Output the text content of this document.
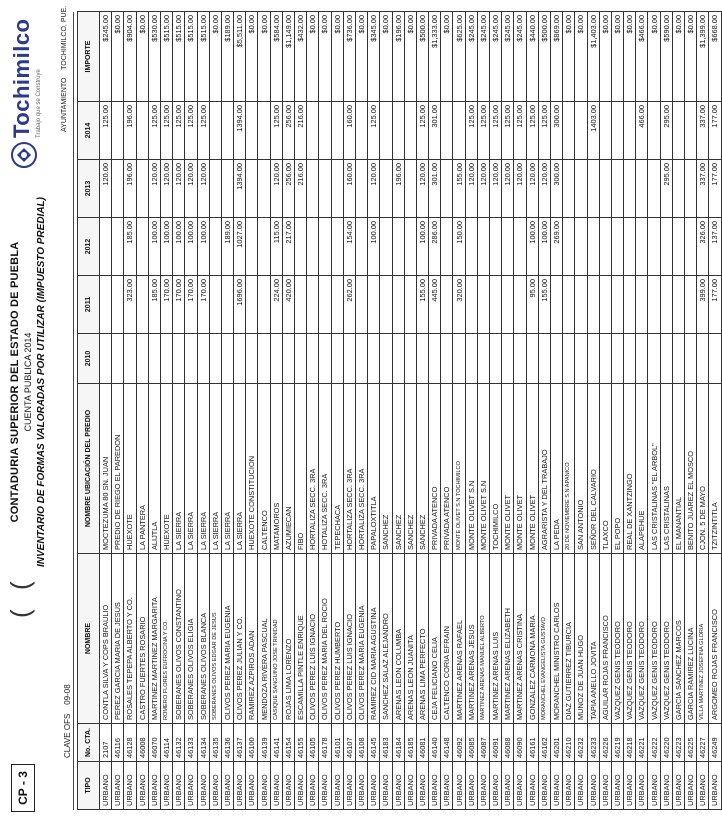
Tochimilco Trabajo que se Construye
(
CONTADURIA SUPERIOR DEL ESTADO DE PUEBLA CUENTA PUBLICA 2014 INVENTARIO DE FORMAS VALORADAS POR UTILIZAR (IMPUESTO PREDIAL)
(
CP - 3
AYUNTAMIENTO    TOCHIMILCO, PUE.
CLAVE OFS    09-08
TIPO	No. CTA.	NOMBRE	NOMBRE UBICACIÓN DEL PREDIO	2010	2011	2012	2013	2014	IMPORTE
URBANO	2107	CONTLA SILVA Y COPS BRAULIO	MOCTEZUMA 80 SN. JUAN				120.00	125.00	$245.00
URBANO	46116	PEREZ GARCIA MARIA DE JESUS	PREDIO DE RIEGO EL PAREDON						$0.00
URBANO	46128	ROSALES TEPEPA ALBERTO Y CO.	HUEXOTE		323.00	185.00	196.00	196.00	$904.00
URBANO	46008	CASTRO FUERTES ROSARIO	LA PANTERA						$0.00
URBANO	46070	MARTINEZ MARTINEZ MARGARITA	ALIJTLA		185.00	100.00	120.00	125.00	$530.00
URBANO	46114	ROMERO FLORES EUFROCINA Y CO.	HUEXOTE		170.00	100.00	120.00	125.00	$515.00
URBANO	46132	SOBERANES OLIVOS CONSTANTINO	LA SIERRA		170.00	100.00	120.00	125.00	$515.00
URBANO	46133	SOBERANES OLIVOS ELIGIA	LA SIERRA		170.00	100.00	120.00	125.00	$515.00
URBANO	46134	SOBERANES OLIVOS BLANCA	LA SIERRA		170.00	100.00	120.00	125.00	$515.00
URBANO	46135	SOBERANES OLIVOS EDGAR DE JESUS	LA SIERRA						$0.00
URBANO	46136	OLIVOS PEREZ MARIA EUGENIA	LA SIERRA			189.00			$189.00
URBANO	46137	OLIVOS PEREZ JULIAN Y CO.	LA SIERRA		1696.00	1027.00	1394.00	1394.00	$5,511.00
URBANO	46100	RAMIREZ AZPIROS ADAN	HUEXOTE CONSTITUCION						$0.00
URBANO	46139	MENDOZA RIVERA PASCUAL	CALTENCO						$0.00
URBANO	46141	CASIQUE SANGUINO JOSE TRINIDAD	MATAMOROS		224.00	115.00	120.00	125.00	$584.00
URBANO	46154	ROJAS LIMA LORENZO	AZUMIECAN		420.00	217.00	256.00	256.00	$1,149.00
URBANO	46155	ESCAMILLA PINTLE ENRIQUE	FIBO				216.00	216.00	$432.00
URBANO	46105	OLIVOS PEREZ LUIS IGNACIO	HORTALIZA SECC. 3RA						$0.00
URBANO	46178	OLIVOS PEREZ MARIA DEL ROCIO	HOTALIZA SECC. 3RA						$0.00
URBANO	46101	OLIVOS PEREZ HUMBERTO	TEPECHACA						$0.00
URBANO	46107	OLIVOS PEREZ LUIS IGNACIO	HORTALIZA SECC. 3RA		262.00	154.00	160.00	160.00	$736.00
URBANO	46108	OLIVOS PEREZ MARIA EUGENIA	HORTALIZA SECC. 3RA						$0.00
URBANO	46145	RAMIREZ CID MARIA AGUSTINA	PAPALOXTITLA			100.00	120.00	125.00	$345.00
URBANO	46183	SANCHEZ SALAZ ALEJANDRO	SANCHEZ						$0.00
URBANO	46184	ARENAS LEON COLUMBA	SANCHEZ				196.00		$196.00
URBANO	46185	ARENAS LEON JUANITA	SANCHEZ						$0.00
URBANO	46081	ARENAS LIMA PERFECTO	SANCHEZ		155.00	100.00	120.00	125.00	$500.00
URBANO	46140	CEJA FELICIANO CELIA	PRIVADA ATENCO		445.00	286.00	301.00	301.00	$1,333.00
URBANO	46148	CALTENCO CORIA EFRAIN	PRIVADA ATENCO						$0.00
URBANO	46092	MARTINEZ ARENAS RAFAEL	MONTE OLIVET S.N TOCHIMILCO		320.00	150.00	155.00		$625.00
URBANO	46085	MARTINEZ ARENAS JESUS	MONTE OLIVET S.N				120.00	125.00	$245.00
URBANO	46087	MARTINEZ ARENAS MANUEL ALBERTO	MONTE OLIVET S.N				120.00	125.00	$245.00
URBANO	46091	MARTINEZ ARENAS LUIS	TOCHIMILCO				120.00	125.00	$245.00
URBANO	46088	MARTINEZ ARENAS ELIZABETH	MONTE OLIVET				120.00	125.00	$245.00
URBANO	46090	MARTINEZ ARENAS CRISTINA	MONTE OLIVET				120.00	125.00	$245.00
URBANO	46161	GONZALEZ CARMONA MARIA	MONTE OLIVET		95.00	100.00	120.00	125.00	$440.00
URBANO	46162	MORANCHEL EVANGELISTA GUSTAVO	AGRARISTA Y DEL TRABAJO		155.00	100.00	120.00	125.00	$500.00
URBANO	46201	MORANCHEL MINISTRO CARLOS	LA PEDA			269.00	300.00	300.00	$869.00
URBANO	46210	DIAZ GUTIERREZ TIBURCIA	20 DE NOVIEMBRE S.N APANICO						$0.00
URBANO	46232	MUNOZ DE JUAN HUGO	SAN ANTONIO						$0.00
URBANO	46233	TAPIA ANELLO JOVITA	SEÑOR DEL CALVARIO					1403.00	$1,403.00
URBANO	46226	AGUILAR ROJAS FRANCISCO	TLAXCO						$0.00
URBANO	46219	VAZQUEZ GENIS TEODORO	EL POPO						$0.00
URBANO	46218	VAZQUEZ GENIS TEODORO	REAL DE XANTZINGO						$0.00
URBANO	46221	VAZQUEZ GENIS TEODORO	ALAPEHUE					466.00	$466.00
URBANO	46222	VAZQUEZ GENIS TEODORO	LAS CRISTALINAS "EL ARBOL"						$0.00
URBANO	46220	VAZQUEZ GENIS TEODORO	LAS CRISTALINAS				295.00	295.00	$590.00
URBANO	46223	GARCIA SANCHEZ MARCOS	EL MANANTIAL						$0.00
URBANO	46225	GARCIA RAMIREZ LUCINA	BENITO JUAREZ EL MOSCO						$0.00
URBANO	46227	VILLA MARTINEZ JOSEFINA GLORIA	CJON. 5 DE MAYO		399.00	326.00	337.00	337.00	$1,399.00
URBANO	46249	ARGOMEO ROJAS FRANCISCO	TZITZINTITLA		177.00	137.00	177.00	177.00	$668.00
